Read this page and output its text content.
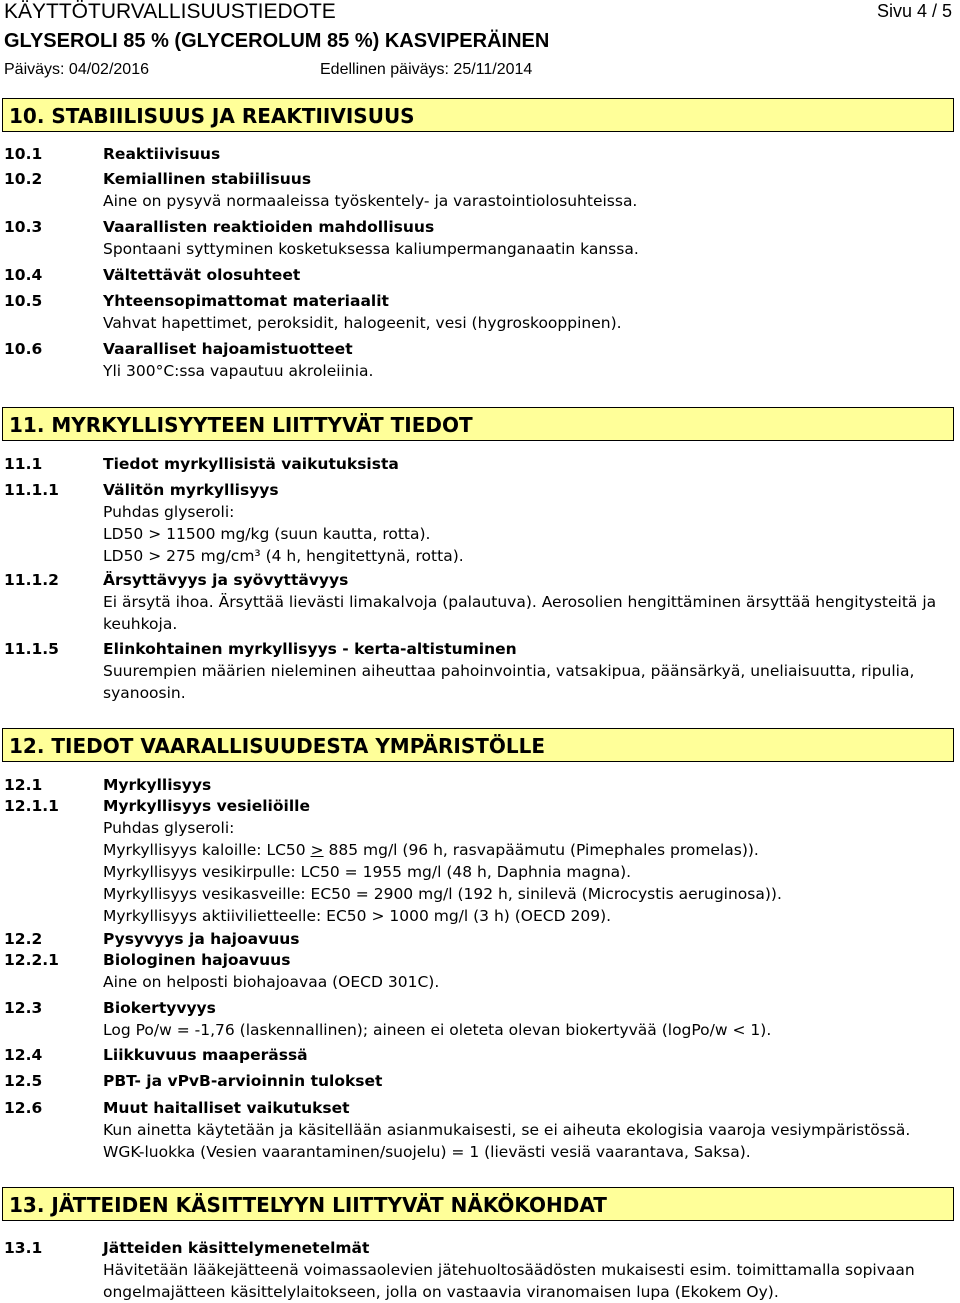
KÄYTTÖTURVALLISUUSTIEDOTE	Sivu 4 / 5
GLYSEROLI 85 % (GLYCEROLUM 85 %) KASVIPERÄINEN
Päiväys: 04/02/2016	Edellinen päiväys: 25/11/2014
10. STABIILISUUS JA REAKTIIVISUUS
10.1	Reaktiivisuus
10.2	Kemiallinen stabiilisuus
Aine on pysyvä normaaleissa työskentely- ja varastointiolosuhteissa.
10.3	Vaarallisten reaktioiden mahdollisuus
Spontaani syttyminen kosketuksessa kaliumpermanganaatin kanssa.
10.4	Vältettävät olosuhteet
10.5	Yhteensopimattomat materiaalit
Vahvat hapettimet, peroksidit, halogeenit, vesi (hygroskooppinen).
10.6	Vaaralliset hajoamistuotteet
Yli 300°C:ssa vapautuu akroleiinia.
11. MYRKYLLISYYTEEN LIITTYVÄT TIEDOT
11.1	Tiedot myrkyllisistä vaikutuksista
11.1.1	Välitön myrkyllisyys
Puhdas glyseroli:
LD50 > 11500 mg/kg (suun kautta, rotta).
LD50 > 275 mg/cm³ (4 h, hengitettynä, rotta).
11.1.2	Ärsyttävyys ja syövyttävyys
Ei ärsytä ihoa. Ärsyttää lievästi limakalvoja (palautuva). Aerosolien hengittäminen ärsyttää hengitysteitä ja keuhkoja.
11.1.5	Elinkohtainen myrkyllisyys - kerta-altistuminen
Suurempien määrien nieleminen aiheuttaa pahoinvointia, vatsakipua, päänsärkyä, uneliaisuutta, ripulia, syanoosin.
12. TIEDOT VAARALLISUUDESTA YMPÄRISTÖLLE
12.1	Myrkyllisyys
12.1.1	Myrkyllisyys vesieliöille
Puhdas glyseroli:
Myrkyllisyys kaloille: LC50 ≥ 885 mg/l (96 h, rasvapäämutu (Pimephales promelas)).
Myrkyllisyys vesikirpulle: LC50 = 1955 mg/l (48 h, Daphnia magna).
Myrkyllisyys vesikasveille: EC50 = 2900 mg/l (192 h, sinilevä (Microcystis aeruginosa)).
Myrkyllisyys aktiivilietteelle: EC50 > 1000 mg/l (3 h) (OECD 209).
12.2	Pysyvyys ja hajoavuus
12.2.1	Biologinen hajoavuus
Aine on helposti biohajoavaa (OECD 301C).
12.3	Biokertyvyys
Log Po/w = -1,76 (laskennallinen); aineen ei oleteta olevan biokertyvää (logPo/w < 1).
12.4	Liikkuvuus maaperässä
12.5	PBT- ja vPvB-arvioinnin tulokset
12.6	Muut haitalliset vaikutukset
Kun ainetta käytetään ja käsitellään asianmukaisesti, se ei aiheuta ekologisia vaaroja vesiympäristössä.
WGK-luokka (Vesien vaarantaminen/suojelu) = 1 (lievästi vesiä vaarantava, Saksa).
13. JÄTTEIDEN KÄSITTELYYN LIITTYVÄT NÄKÖKOHDAT
13.1	Jätteiden käsittelymenetelmät
Hävitetään lääkejätteenä voimassaolevien jätehuoltosäädösten mukaisesti esim. toimittamalla sopivaan ongelmajätteen käsittelylaitokseen, jolla on vastaavia viranomaisen lupa (Ekokem Oy).
